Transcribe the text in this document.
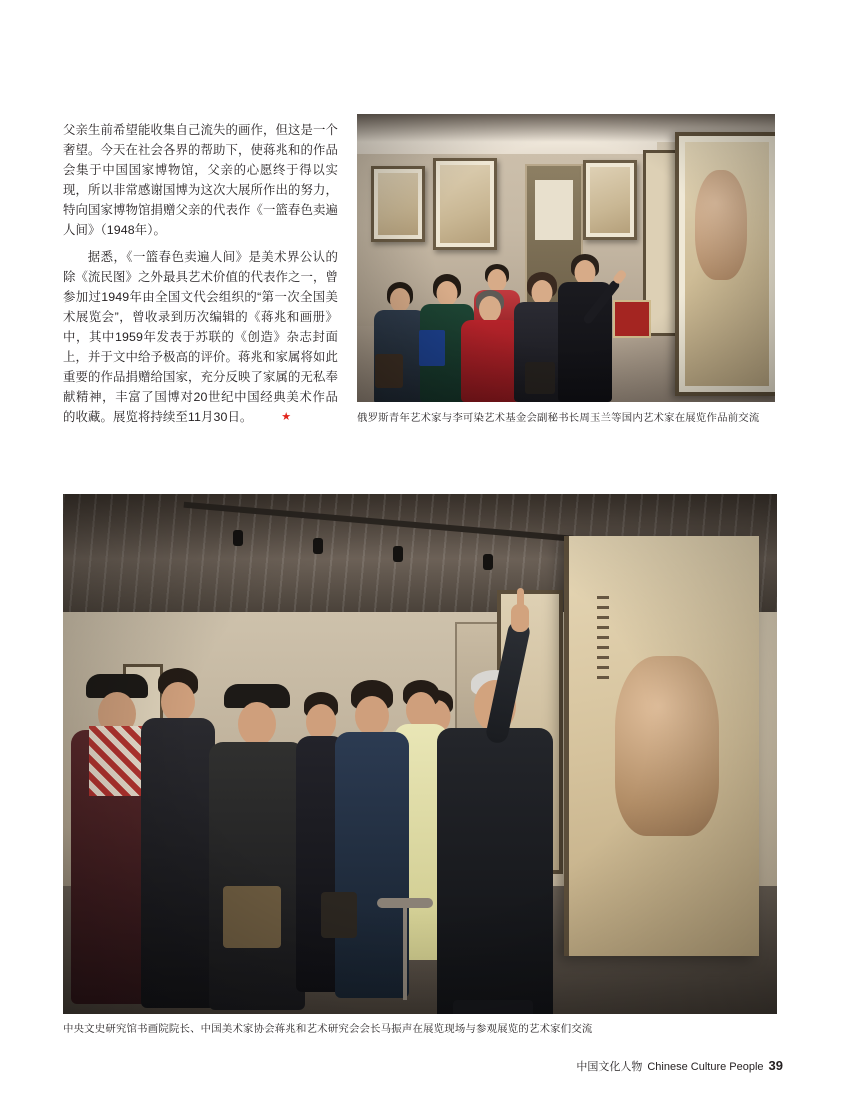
父亲生前希望能收集自己流失的画作，但这是一个奢望。今天在社会各界的帮助下，使蒋兆和的作品会集于中国国家博物馆，父亲的心愿终于得以实现，所以非常感谢国博为这次大展所作出的努力，特向国家博物馆捐赠父亲的代表作《一篮春色卖遍人间》（1948年）。

据悉，《一篮春色卖遍人间》是美术界公认的除《流民图》之外最具艺术价值的代表作之一，曾参加过1949年由全国文代会组织的“第一次全国美术展览会”，曾收录到历次编辑的《蒋兆和画册》中，其中1959年发表于苏联的《创造》杂志封面上，并于文中给予极高的评价。蒋兆和家属将如此重要的作品捐赠给国家，充分反映了家属的无私奉献精神，丰富了国博对20世纪中国经典美术作品的收藏。展览将持续至11月30日。	★	俄罗斯青年艺术家与李可染艺术基金会副秘书长周玉兰等国内艺术家在展览作品前交流
中央文史研究馆书画院院长、中国美术家协会蒋兆和艺术研究会会长马振声在展览现场与参观展览的艺术家们交流
中国文化人物 Chinese Culture People 39
